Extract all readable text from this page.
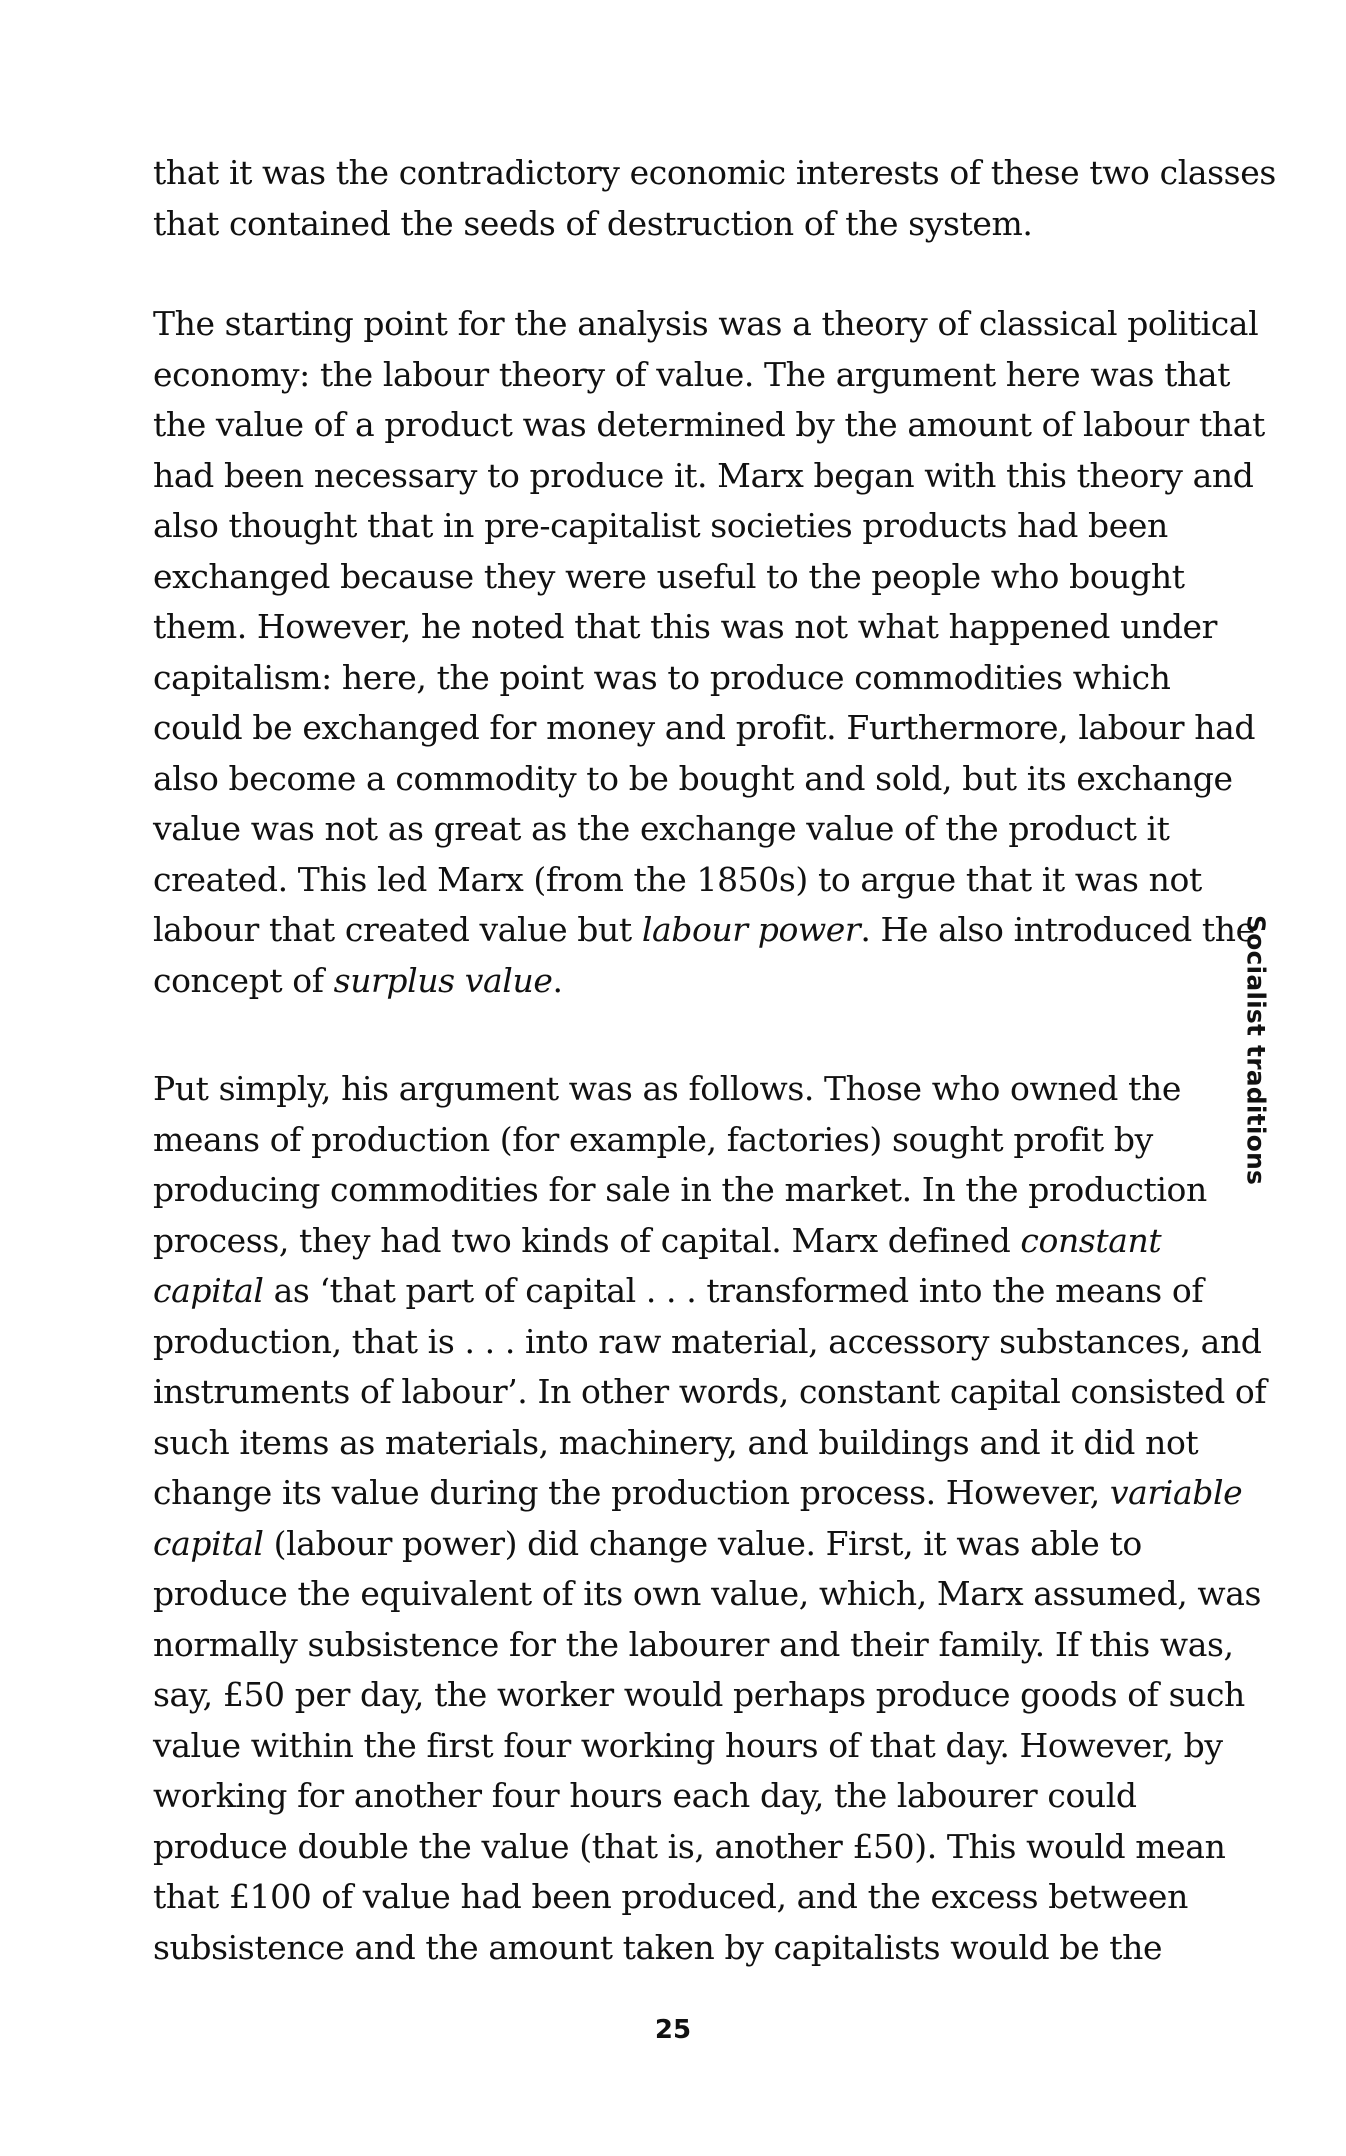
that it was the contradictory economic interests of these two classes
that contained the seeds of destruction of the system.
The starting point for the analysis was a theory of classical political
economy: the labour theory of value. The argument here was that
the value of a product was determined by the amount of labour that
had been necessary to produce it. Marx began with this theory and
also thought that in pre-capitalist societies products had been
exchanged because they were useful to the people who bought
them. However, he noted that this was not what happened under
capitalism: here, the point was to produce commodities which
could be exchanged for money and profit. Furthermore, labour had
also become a commodity to be bought and sold, but its exchange
value was not as great as the exchange value of the product it
created. This led Marx (from the 1850s) to argue that it was not
labour that created value but labour power. He also introduced the
concept of surplus value.
Put simply, his argument was as follows. Those who owned the
means of production (for example, factories) sought profit by
producing commodities for sale in the market. In the production
process, they had two kinds of capital. Marx defined constant
capital as ‘that part of capital . . . transformed into the means of
production, that is . . . into raw material, accessory substances, and
instruments of labour’. In other words, constant capital consisted of
such items as materials, machinery, and buildings and it did not
change its value during the production process. However, variable
capital (labour power) did change value. First, it was able to
produce the equivalent of its own value, which, Marx assumed, was
normally subsistence for the labourer and their family. If this was,
say, £50 per day, the worker would perhaps produce goods of such
value within the first four working hours of that day. However, by
working for another four hours each day, the labourer could
produce double the value (that is, another £50). This would mean
that £100 of value had been produced, and the excess between
subsistence and the amount taken by capitalists would be the
Socialist traditions
25
